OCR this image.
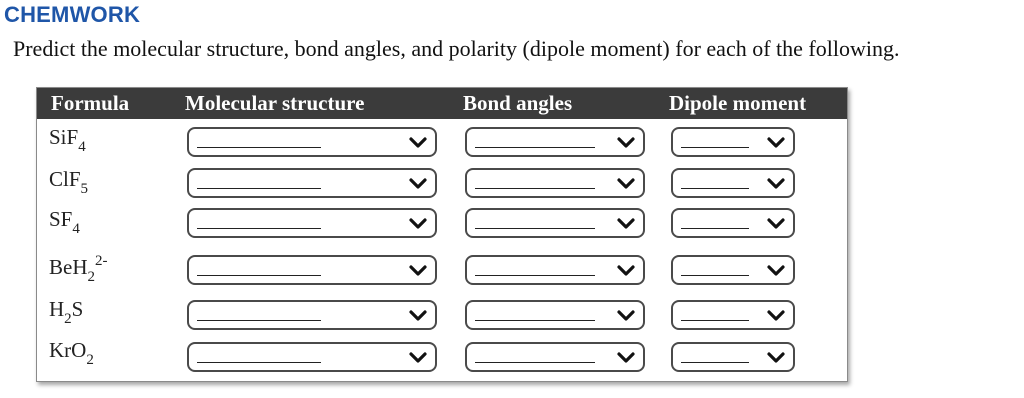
CHEMWORK
Predict the molecular structure, bond angles, and polarity (dipole moment) for each of the following.
Formula	Molecular structure	Bond angles	Dipole moment
SiF$_4$
ClF$_5$
$SF_4$
BeH$_2^{2-}$
$H_2S$
KrO$_2$
